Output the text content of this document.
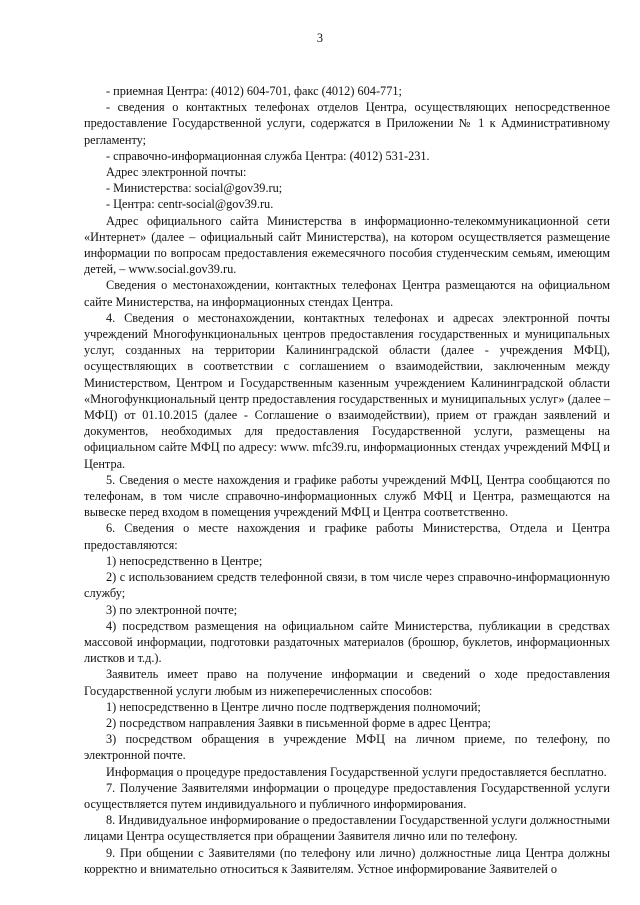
3

- приемная Центра: (4012) 604-701, факс (4012) 604-771;

- сведения о контактных телефонах отделов Центра, осуществляющих непосредственное предоставление Государственной услуги, содержатся в Приложении № 1 к Административному регламенту;

- справочно-информационная служба Центра: (4012) 531-231.

Адрес электронной почты:

- Министерства: social@gov39.ru;

- Центра: centr-social@gov39.ru.

Адрес официального сайта Министерства в информационно-телекоммуникационной сети «Интернет» (далее – официальный сайт Министерства), на котором осуществляется размещение информации по вопросам предоставления ежемесячного пособия студенческим семьям, имеющим детей, – www.social.gov39.ru.

Сведения о местонахождении, контактных телефонах Центра размещаются на официальном сайте Министерства, на информационных стендах Центра.

4. Сведения о местонахождении, контактных телефонах и адресах электронной почты учреждений Многофункциональных центров предоставления государственных и муниципальных услуг, созданных на территории Калининградской области (далее - учреждения МФЦ), осуществляющих в соответствии с соглашением о взаимодействии, заключенным между Министерством, Центром и Государственным казенным учреждением Калининградской области «Многофункциональный центр предоставления государственных и муниципальных услуг» (далее – МФЦ) от 01.10.2015 (далее - Соглашение о взаимодействии), прием от граждан заявлений и документов, необходимых для предоставления Государственной услуги, размещены на официальном сайте МФЦ по адресу: www. mfc39.ru, информационных стендах учреждений МФЦ и Центра.

5. Сведения о месте нахождения и графике работы учреждений МФЦ, Центра сообщаются по телефонам, в том числе справочно-информационных служб МФЦ и Центра, размещаются на вывеске перед входом в помещения учреждений МФЦ и Центра соответственно.

6. Сведения о месте нахождения и графике работы Министерства, Отдела и Центра предоставляются:

1) непосредственно в Центре;

2) с использованием средств телефонной связи, в том числе через справочно-информационную службу;

3) по электронной почте;

4) посредством размещения на официальном сайте Министерства, публикации в средствах массовой информации, подготовки раздаточных материалов (брошюр, буклетов, информационных листков и т.д.).

Заявитель имеет право на получение информации и сведений о ходе предоставления Государственной услуги любым из нижеперечисленных способов:

1) непосредственно в Центре лично после подтверждения полномочий;

2) посредством направления Заявки в письменной форме в адрес Центра;

3) посредством обращения в учреждение МФЦ на личном приеме, по телефону, по электронной почте.

Информация о процедуре предоставления Государственной услуги предоставляется бесплатно.

7. Получение Заявителями информации о процедуре предоставления Государственной услуги осуществляется путем индивидуального и публичного информирования.

8. Индивидуальное информирование о предоставлении Государственной услуги должностными лицами Центра осуществляется при обращении Заявителя лично или по телефону.

9. При общении с Заявителями (по телефону или лично) должностные лица Центра должны корректно и внимательно относиться к Заявителям. Устное информирование Заявителей о
